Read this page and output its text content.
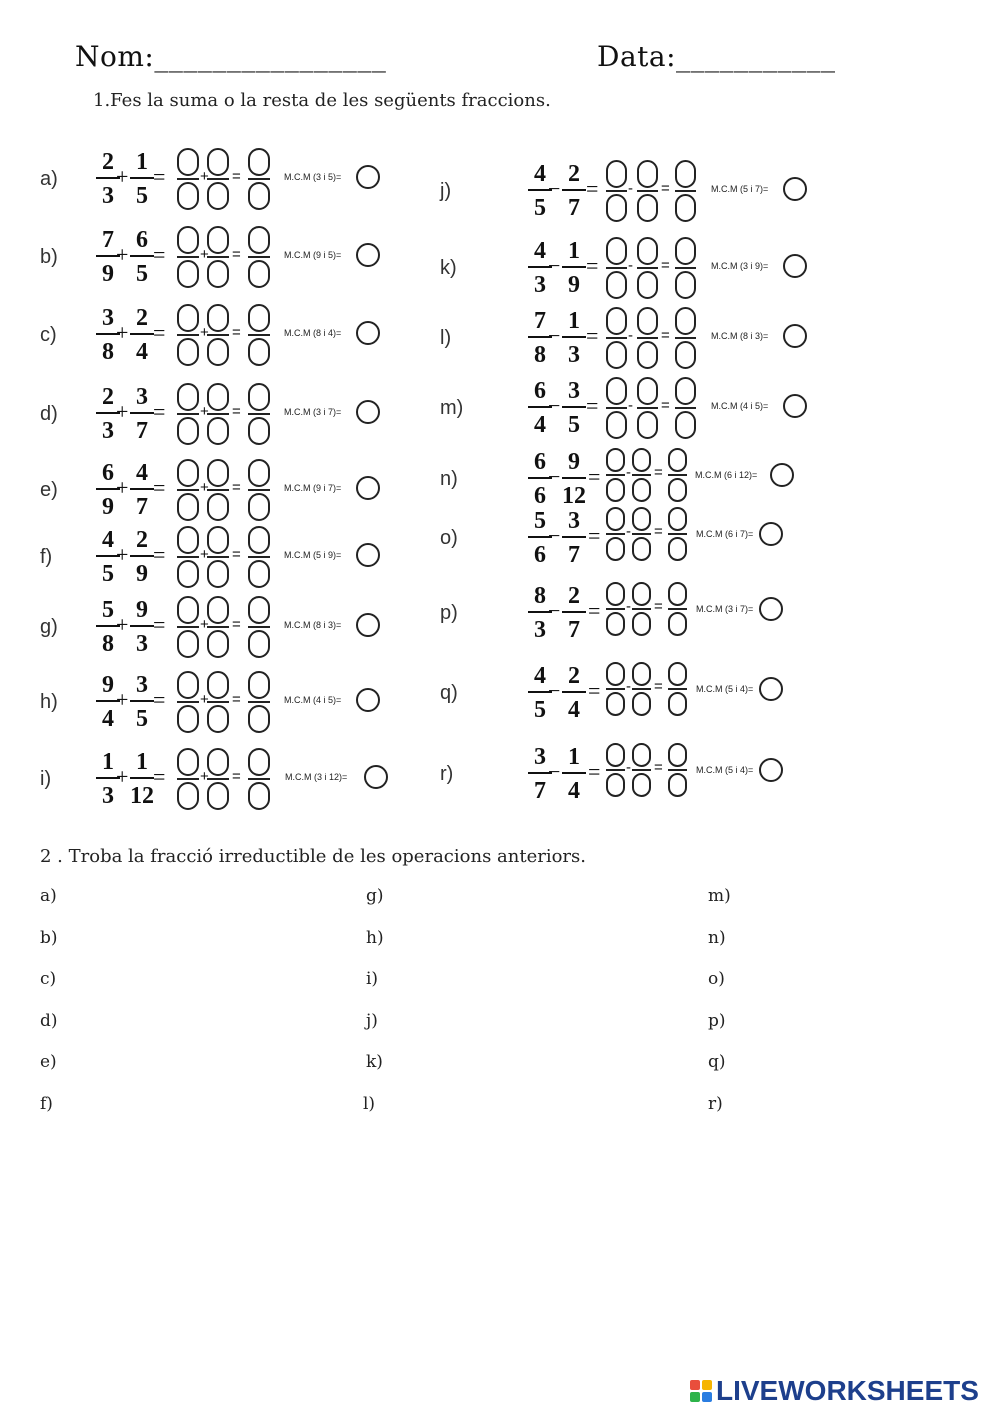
Nom:________________	Data:___________
1.Fes la suma o la resta de les següents fraccions.
a)
2
3
+
1
5
= + =	M.C.M (3 i 5)=
b)
7
9
+
6
5
= + =	M.C.M (9 i 5)=
c)
3
8
+
2
4
= + =	M.C.M (8 i 4)=
d)
2
3
+
3
7
= + =	M.C.M (3 i 7)=
e)
6
9
+
4
7
= + =	M.C.M (9 i 7)=
f)
4
5
+
2
9
= + =	M.C.M (5 i 9)=
g)
5
8
+
9
3
= + =	M.C.M (8 i 3)=
h)
9
4
+
3
5
= + =	M.C.M (4 i 5)=
i)
1
3
+
1
12
= + =	M.C.M (3 i 12)=
j)
4
5
−
2
7
= - =	M.C.M (5 i 7)=
k)
4
3
−
1
9
= - =	M.C.M (3 i 9)=
l)
7
8
−
1
3
= - =	M.C.M (8 i 3)=
m)
6
4
−
3
5
= - =	M.C.M (4 i 5)=
n)
6
6
−
9
12
= - =	M.C.M (6 i 12)=
o)
5
6
−
3
7
= - =	M.C.M (6 i 7)=
p)
8
3
−
2
7
= - =	M.C.M (3 i 7)=
q)
4
5
−
2
4
= - =	M.C.M (5 i 4)=
r)
3
7
−
1
4
= - =	M.C.M (5 i 4)=
2 . Troba la fracció irreductible de les operacions anteriors.
a)
b)
c)
d)
e)
f)
g)
h)
i)
j)
k)
l)
m)
n)
o)
p)
q)
r)
LIVEWORKSHEETS
